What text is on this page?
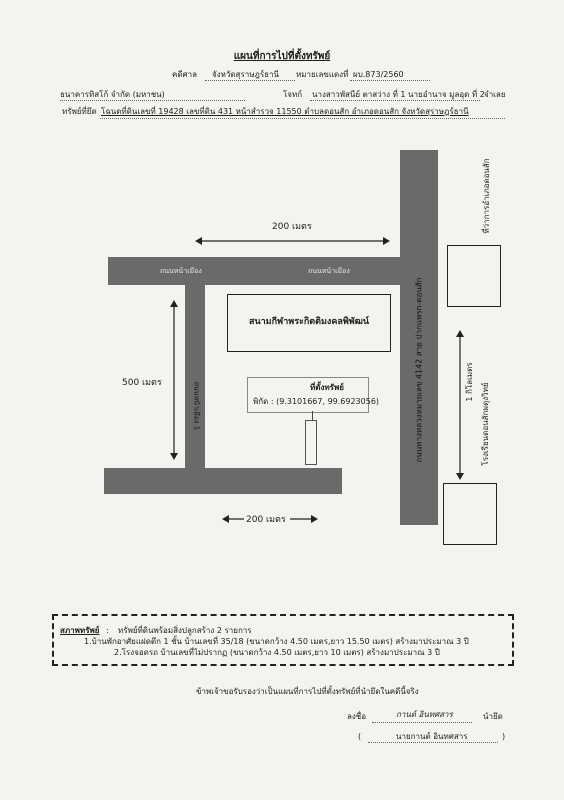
แผนที่การไปที่ตั้งทรัพย์
คดีศาล จังหวัดสุราษฎร์ธานี หมายเลขแดงที่ ผบ.873/2560
ธนาคารทิสโก้ จำกัด (มหาชน)	โจทก์ นางสาวพัสนีย์ ตาสว่าง ที่ 1 นายอำนาจ มูลอุด ที่ 2 จำเลย
ทรัพย์ที่ยึด โฉนดที่ดินเลขที่ 19428 เลขที่ดิน 431 หน้าสำรวจ 11550 ตำบลดอนสัก อำเภอดอนสัก จังหวัดสุราษฎร์ธานี
200 เมตร
500 เมตร
200 เมตร
ถนนหน้าเมือง	ถนนหน้าเมือง
ถนนหน้าเมือง 1	ถนนทางหลวงหมายเลข 4142 สาย ปากแพรก-ดอนสัก
สนามกีฬาพระกิตติมงคลพิพัฒน์
ที่ตั้งทรัพย์
พิกัด : (9.3101667, 99.6923056)
ที่ว่าการอำเภอดอนสัก
1 กิโลเมตร
โรงเรียนดอนสักผดุงวิทย์
สภาพทรัพย์ : ทรัพย์ที่ดินพร้อมสิ่งปลูกสร้าง 2 รายการ
1.บ้านพักอาศัยแฝดตึก 1 ชั้น บ้านเลขที่ 35/18 (ขนาดกว้าง 4.50 เมตร,ยาว 15.50 เมตร) สร้างมาประมาณ 3 ปี
2.โรงจอดรถ บ้านเลขที่ไม่ปรากฏ (ขนาดกว้าง 4.50 เมตร,ยาว 10 เมตร) สร้างมาประมาณ 3 ปี
ข้าพเจ้าขอรับรองว่าเป็นแผนที่การไปที่ตั้งทรัพย์ที่นำยึดในคดีนี้จริง
ลงชื่อ	กานต์ อินทศสาร	นำยึด
(	นายกานต์ อินทศสาร	)
